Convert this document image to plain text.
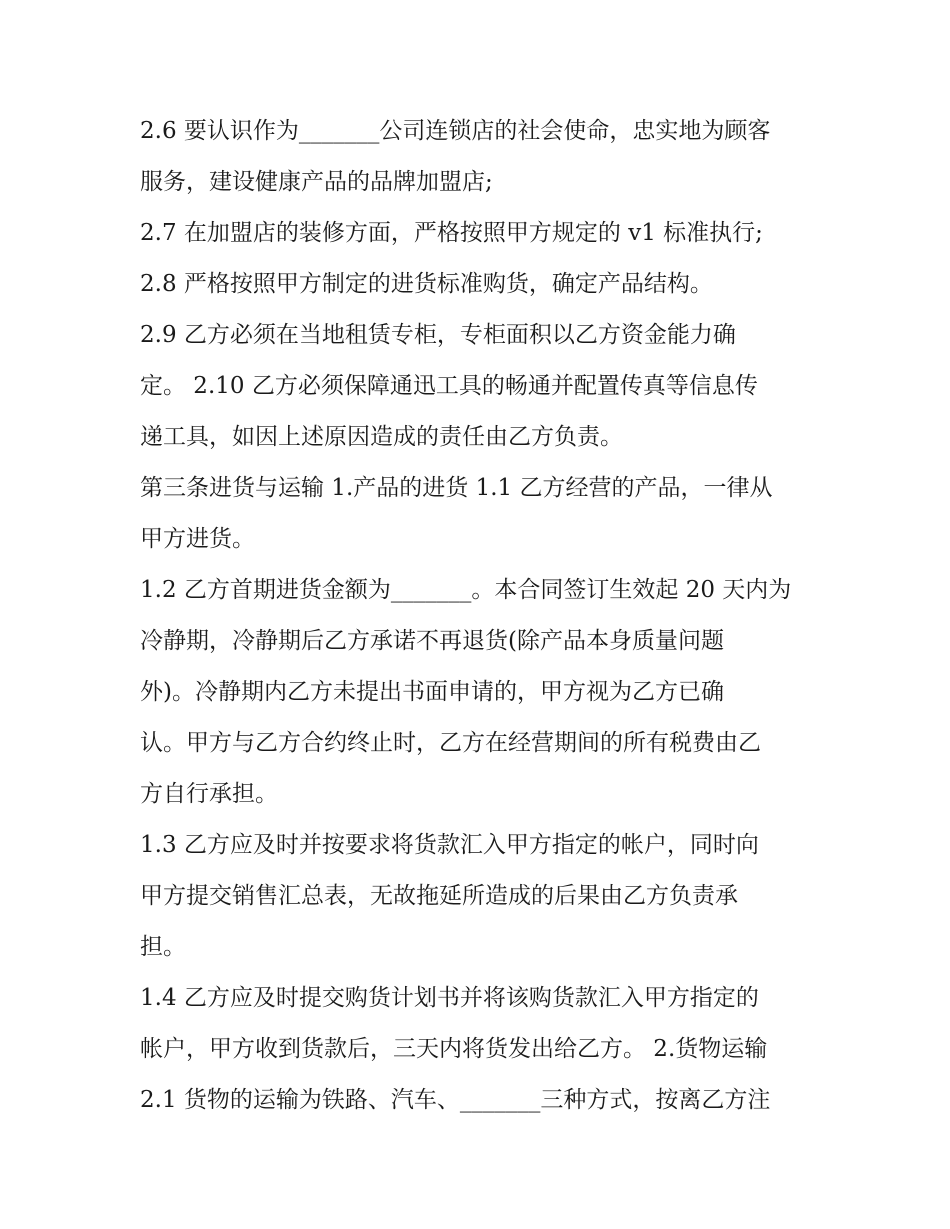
2.6 要认识作为_______公司连锁店的社会使命，忠实地为顾客
服务，建设健康产品的品牌加盟店;
2.7 在加盟店的装修方面，严格按照甲方规定的 v1 标准执行;
2.8 严格按照甲方制定的进货标准购货，确定产品结构。
2.9 乙方必须在当地租赁专柜，专柜面积以乙方资金能力确
定。 2.10 乙方必须保障通迅工具的畅通并配置传真等信息传
递工具，如因上述原因造成的责任由乙方负责。
第三条进货与运输 1.产品的进货 1.1 乙方经营的产品，一律从
甲方进货。
1.2 乙方首期进货金额为_______。本合同签订生效起 20 天内为
冷静期，冷静期后乙方承诺不再退货(除产品本身质量问题
外)。冷静期内乙方未提出书面申请的，甲方视为乙方已确
认。甲方与乙方合约终止时，乙方在经营期间的所有税费由乙
方自行承担。
1.3 乙方应及时并按要求将货款汇入甲方指定的帐户，同时向
甲方提交销售汇总表，无故拖延所造成的后果由乙方负责承
担。
1.4 乙方应及时提交购货计划书并将该购货款汇入甲方指定的
帐户，甲方收到货款后，三天内将货发出给乙方。 2.货物运输
2.1 货物的运输为铁路、汽车、_______三种方式，按离乙方注
